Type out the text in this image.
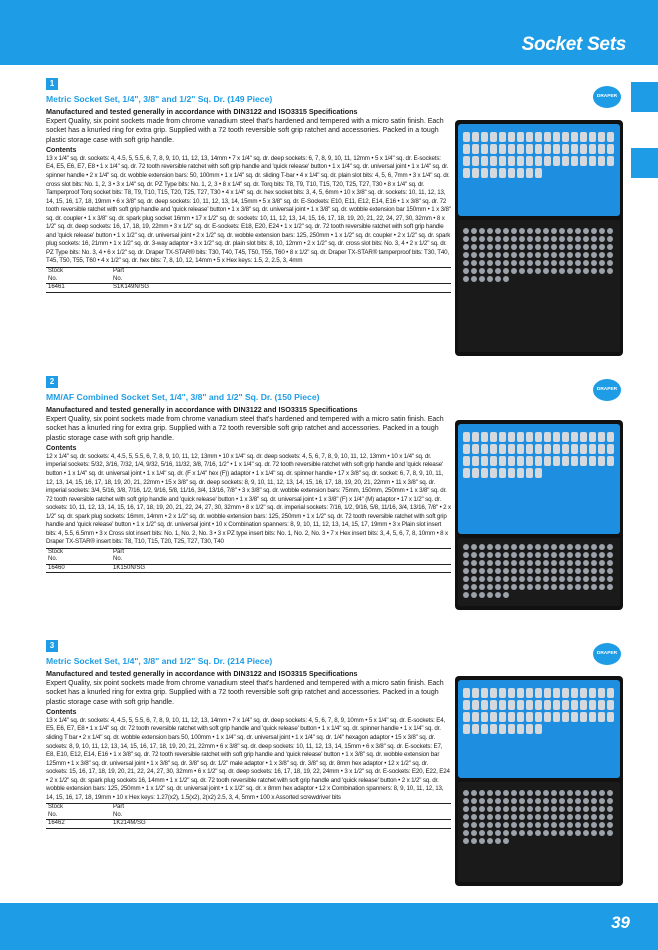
Socket Sets
1
Metric Socket Set, 1/4", 3/8" and 1/2" Sq. Dr. (149 Piece)
Manufactured and tested generally in accordance with DIN3122 and ISO3315 Specifications
Expert Quality, six point sockets made from chrome vanadium steel that's hardened and tempered with a micro satin finish. Each socket has a knurled ring for extra grip. Supplied with a 72 tooth reversible soft grip ratchet and accessories. Packed in a tough plastic storage case with soft grip handle.
Contents
13 x 1/4" sq. dr. sockets: 4, 4.5, 5, 5.5, 6, 7, 8, 9, 10, 11, 12, 13, 14mm • 7 x 1/4" sq. dr. deep sockets: 6, 7, 8, 9, 10, 11, 12mm • 5 x 1/4" sq. dr. E-sockets: E4, E5, E6, E7, E8 • 1 x 1/4" sq. dr. 72 tooth reversible ratchet with soft grip handle and 'quick release' button • 1 x 1/4" sq. dr. universal joint • 1 x 1/4" sq. dr. spinner handle • 2 x 1/4" sq. dr. wobble extension bars: 50, 100mm • 1 x 1/4" sq. dr. sliding T-bar • 4 x 1/4" sq. dr. plain slot bits: 4, 5, 6, 7mm • 3 x 1/4" sq. dr. cross slot bits: No. 1, 2, 3 • 3 x 1/4" sq. dr. PZ Type bits: No. 1, 2, 3 • 8 x 1/4" sq. dr. Torq bits: T8, T9, T10, T15, T20, T25, T27, T30 • 8 x 1/4" sq. dr. Tamperproof Torq socket bits: T8, T9, T10, T15, T20, T25, T27, T30 • 4 x 1/4" sq. dr. hex socket bits: 3, 4, 5, 6mm • 10 x 3/8" sq. dr. sockets: 10, 11, 12, 13, 14, 15, 16, 17, 18, 19mm • 6 x 3/8" sq. dr. deep sockets: 10, 11, 12, 13, 14, 15mm • 5 x 3/8" sq. dr. E-Sockets: E10, E11, E12, E14, E16 • 1 x 3/8" sq. dr. 72 tooth reversible ratchet with soft grip handle and 'quick release' button • 1 x 3/8" sq. dr. universal joint • 1 x 3/8" sq. dr. wobble extension bar 150mm • 1 x 3/8" sq. dr. coupler • 1 x 3/8" sq. dr. spark plug socket 16mm • 17 x 1/2" sq. dr. sockets: 10, 11, 12, 13, 14, 15, 16, 17, 18, 19, 20, 21, 22, 24, 27, 30, 32mm • 8 x 1/2" sq. dr. deep sockets: 16, 17, 18, 19, 22mm • 3 x 1/2" sq. dr. E-sockets: E18, E20, E24 • 1 x 1/2" sq. dr. 72 tooth reversible ratchet with soft grip handle and 'quick release' button • 1 x 1/2" sq. dr. universal joint • 2 x 1/2" sq. dr. wobble extension bars: 125, 250mm • 1 x 1/2" sq. dr. coupler • 2 x 1/2" sq. dr. spark plug sockets: 16, 21mm • 1 x 1/2" sq. dr. 3-way adaptor • 3 x 1/2" sq. dr. plain slot bits: 8, 10, 12mm • 2 x 1/2" sq. dr. cross slot bits: No. 3, 4 • 2 x 1/2" sq. dr. PZ Type bits: No. 3, 4 • 6 x 1/2" sq. dr. Draper TX-STAR® bits: T30, T40, T45, T50, T55, T60 • 8 x 1/2" sq. dr. Draper TX-STAR® tamperproof bits: T30, T40, T45, T50, T55, T60 • 4 x 1/2" sq. dr. hex bits: 7, 8, 10, 12, 14mm • 5 x Hex keys: 1.5, 2, 2.5, 3, 4mm
Stock
No.	Part
No.
16461	S1K149N/SG
2
MM/AF Combined Socket Set, 1/4", 3/8" and 1/2" Sq. Dr. (150 Piece)
Manufactured and tested generally in accordance with DIN3122 and ISO3315 Specifications
Expert Quality, six point sockets made from chrome vanadium steel that's hardened and tempered with a micro satin finish. Each socket has a knurled ring for extra grip. Supplied with a 72 tooth reversible soft grip ratchet and accessories. Packed in a tough plastic storage case with soft grip handle.
Contents
12 x 1/4" sq. dr. sockets: 4, 4.5, 5, 5.5, 6, 7, 8, 9, 10, 11, 12, 13mm • 10 x 1/4" sq. dr. deep sockets: 4, 5, 6, 7, 8, 9, 10, 11, 12, 13mm • 10 x 1/4" sq. dr. imperial sockets: 5/32, 3/16, 7/32, 1/4, 9/32, 5/16, 11/32, 3/8, 7/16, 1/2" • 1 x 1/4" sq. dr. 72 tooth reversible ratchet with soft grip handle and 'quick release' button • 1 x 1/4" sq. dr. universal joint • 1 x 1/4" sq. dr. (F x 1/4" hex (F)) adaptor • 1 x 1/4" sq. dr. spinner handle • 17 x 3/8" sq. dr. socket: 6, 7, 8, 9, 10, 11, 12, 13, 14, 15, 16, 17, 18, 19, 20, 21, 22mm • 15 x 3/8" sq. dr. deep sockets: 8, 9, 10, 11, 12, 13, 14, 15, 16, 17, 18, 19, 20, 21, 22mm • 11 x 3/8" sq. dr. imperial sockets: 3/4, 5/16, 3/8, 7/16, 1/2, 9/16, 5/8, 11/16, 3/4, 13/16, 7/8" • 3 x 3/8" sq. dr. wobble extension bars: 75mm, 150mm, 250mm • 1 x 3/8" sq. dr. 72 tooth reversible ratchet with soft grip handle and 'quick release' button • 1 x 3/8" sq. dr. universal joint • 1 x 3/8" (F) x 1/4" (M) adaptor • 17 x 1/2" sq. dr. sockets: 10, 11, 12, 13, 14, 15, 16, 17, 18, 19, 20, 21, 22, 24, 27, 30, 32mm • 8 x 1/2" sq. dr. imperial sockets: 7/16, 1/2, 9/16, 5/8, 11/16, 3/4, 13/16, 7/8" • 2 x 1/2" sq. dr. spark plug sockets: 16mm, 14mm • 2 x 1/2" sq. dr. wobble extension bars: 125, 250mm • 1 x 1/2" sq. dr. 72 tooth reversible ratchet with soft grip handle and 'quick release' button • 1 x 1/2" sq. dr. universal joint • 10 x Combination spanners: 8, 9, 10, 11, 12, 13, 14, 15, 17, 19mm • 3 x Plain slot insert bits: 4, 5.5, 6.5mm • 3 x Cross slot insert bits: No. 1, No. 2, No. 3 • 3 x PZ type insert bits: No. 1, No. 2, No. 3 • 7 x Hex insert bits: 3, 4, 5, 6, 7, 8, 10mm • 8 x Draper TX-STAR® insert bits: T8, T10, T15, T20, T25, T27, T30, T40
Stock
No.	Part
No.
16460	1K150N/SG
3
Metric Socket Set, 1/4", 3/8" and 1/2" Sq. Dr. (214 Piece)
Manufactured and tested generally in accordance with DIN3122 and ISO3315 Specifications
Expert Quality, six point sockets made from chrome vanadium steel that's hardened and tempered with a micro satin finish. Each socket has a knurled ring for extra grip. Supplied with a 72 tooth reversible soft grip ratchet and accessories. Packed in a tough plastic storage case with soft grip handle.
Contents
13 x 1/4" sq. dr. sockets: 4, 4.5, 5, 5.5, 6, 7, 8, 9, 10, 11, 12, 13, 14mm • 7 x 1/4" sq. dr. deep sockets: 4, 5, 6, 7, 8, 9, 10mm • 5 x 1/4" sq. dr. E-sockets: E4, E5, E6, E7, E8 • 1 x 1/4" sq. dr. 72 tooth reversible ratchet with soft grip handle and 'quick release' button • 1 x 1/4" sq. dr. spinner handle • 1 x 1/4" sq. dr. sliding T bar • 2 x 1/4" sq. dr. wobble extension bars 50, 100mm • 1 x 1/4" sq. dr. universal joint • 1 x 1/4" sq. dr. 1/4" hexagon adaptor • 15 x 3/8" sq. dr. sockets: 8, 9, 10, 11, 12, 13, 14, 15, 16, 17, 18, 19, 20, 21, 22mm • 6 x 3/8" sq. dr. deep sockets: 10, 11, 12, 13, 14, 15mm • 6 x 3/8" sq. dr. E-sockets: E7, E8, E10, E12, E14, E16 • 1 x 3/8" sq. dr. 72 tooth reversible ratchet with soft grip handle and 'quick release' button • 1 x 3/8" sq. dr. wobble extension bar 125mm • 1 x 3/8" sq. dr. universal joint • 1 x 3/8" sq. dr. 3/8" sq. dr. 1/2" male adaptor • 1 x 3/8" sq. dr. 3/8" sq. dr. 8mm hex adaptor • 12 x 1/2" sq. dr. sockets: 15, 16, 17, 18, 19, 20, 21, 22, 24, 27, 30, 32mm • 6 x 1/2" sq. dr. deep sockets: 16, 17, 18, 19, 22, 24mm • 3 x 1/2" sq. dr. E-sockets: E20, E22, E24 • 2 x 1/2" sq. dr. spark plug sockets 16, 14mm • 1 x 1/2" sq. dr. 72 tooth reversible ratchet with soft grip handle and 'quick release' button • 2 x 1/2" sq. dr. wobble extension bars: 125, 250mm • 1 x 1/2" sq. dr. universal joint • 1 x 1/2" sq. dr. x 8mm hex adaptor • 12 x Combination spanners: 8, 9, 10, 11, 12, 13, 14, 15, 16, 17, 18, 19mm • 10 x Hex keys: 1.27(x2), 1.5(x2), 2(x2) 2.5, 3, 4, 5mm • 100 x Assorted screwdriver bits
Stock
No.	Part
No.
16462	1K214M/SG
DRAPER
DRAPER
DRAPER
39
